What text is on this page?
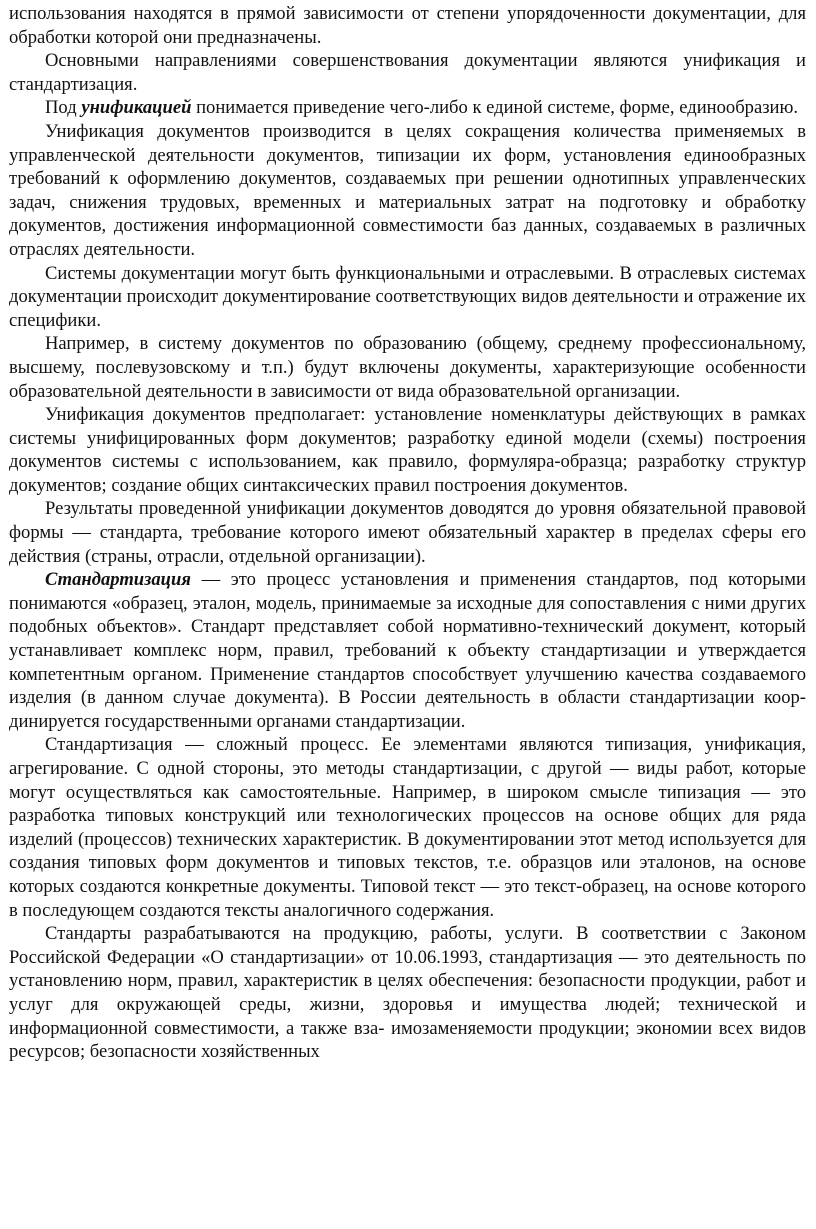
использования находятся в прямой зависимости от степени упорядоченности документации, для обработки которой они предназначены.

Основными направлениями совершенствования документации являются унификация и стандартизация.

Под унификацией понимается приведение чего-либо к единой системе, форме, единообразию.

Унификация документов производится в целях сокращения количества применяемых в управленческой деятельности документов, типизации их форм, установления единообразных требований к оформлению документов, создаваемых при решении однотипных управленческих задач, снижения трудовых, временных и материальных затрат на подготовку и обработку документов, достижения информационной совместимости баз данных, создаваемых в различных отраслях деятельности.

Системы документации могут быть функциональными и отраслевыми. В отраслевых системах документации происходит документирование соответствующих видов деятельности и отражение их специфики.

Например, в систему документов по образованию (общему, среднему профессиональному, высшему, послевузовскому и т.п.) будут включены документы, характеризующие особенности образовательной деятельности в зависимости от вида образовательной организации.

Унификация документов предполагает: установление номенклатуры действующих в рамках системы унифицированных форм документов; разработку единой модели (схемы) построения документов системы с использованием, как правило, формуляра-образца; разработку структур документов; создание общих синтаксических правил построения документов.

Результаты проведенной унификации документов доводятся до уровня обязательной правовой формы — стандарта, требование которого имеют обязательный характер в пределах сферы его действия (страны, отрасли, отдельной организации).

Стандартизация — это процесс установления и применения стандартов, под которыми понимаются «образец, эталон, модель, принимаемые за исходные для сопоставления с ними других подобных объектов». Стандарт представляет собой нормативно-технический документ, который устанавливает комплекс норм, правил, требований к объекту стандартизации и утверждается компетентным органом. Применение стандартов способствует улучшению качества создаваемого изделия (в данном случае документа). В России деятельность в области стандартизации коор- динируется государственными органами стандартизации.

Стандартизация — сложный процесс. Ее элементами являются типизация, унификация, агрегирование. С одной стороны, это методы стандартизации, с другой — виды работ, которые могут осуществляться как самостоятельные. Например, в широком смысле типизация — это разработка типовых конструкций или технологических процессов на основе общих для ряда изделий (процессов) технических характеристик. В документировании этот метод используется для создания типовых форм документов и типовых текстов, т.е. образцов или эталонов, на основе которых создаются конкретные документы. Типовой текст — это текст-образец, на основе которого в последующем создаются тексты аналогичного содержания.

Стандарты разрабатываются на продукцию, работы, услуги. В соответствии с Законом Российской Федерации «О стандартизации» от 10.06.1993, стандартизация — это деятельность по установлению норм, правил, характеристик в целях обеспечения: безопасности продукции, работ и услуг для окружающей среды, жизни, здоровья и имущества людей; технической и информационной совместимости, а также вза- имозаменяемости продукции; экономии всех видов ресурсов; безопасности хозяйственных
